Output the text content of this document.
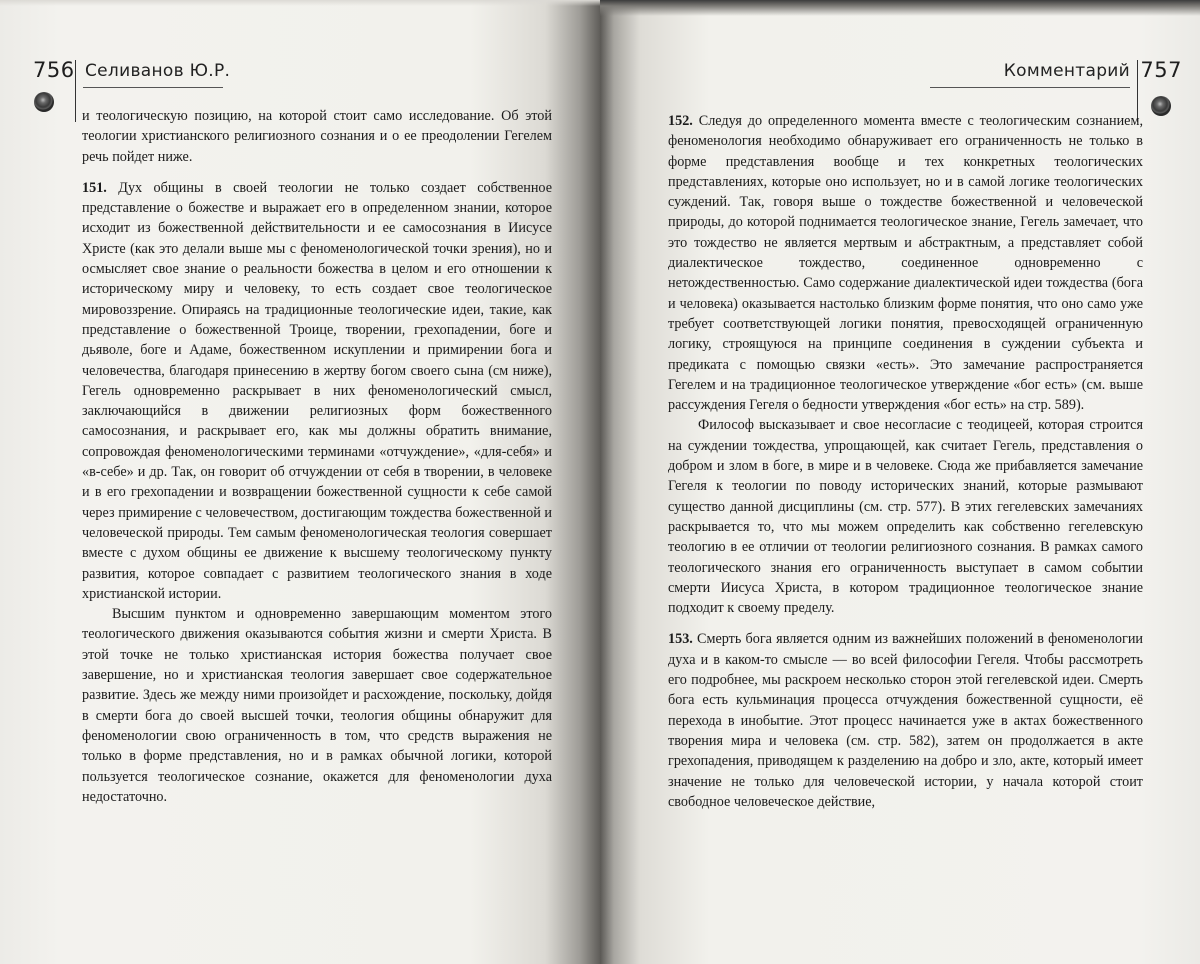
756 Селиванов Ю.Р.

и теологическую позицию, на которой стоит само исследование. Об этой теологии христианского религиозного сознания и о ее преодолении Гегелем речь пойдет ниже.

151. Дух общины в своей теологии не только создает собственное представление о божестве и выражает его в определенном знании, которое исходит из божественной действительности и ее самосознания в Иисусе Христе (как это делали выше мы с феноменологической точки зрения), но и осмысляет свое знание о реальности божества в целом и его отношении к историческому миру и человеку, то есть создает свое теологическое мировоззрение. Опираясь на традиционные теологические идеи, такие, как представление о божественной Троице, творении, грехопадении, боге и дьяволе, боге и Адаме, божественном искуплении и примирении бога и человечества, благодаря принесению в жертву богом своего сына (см ниже), Гегель одновременно раскрывает в них феноменологический смысл, заключающийся в движении религиозных форм божественного самосознания, и раскрывает его, как мы должны обратить внимание, сопровождая феноменологическими терминами «отчуждение», «для-себя» и «в-себе» и др. Так, он говорит об отчуждении от себя в творении, в человеке и в его грехопадении и возвращении божественной сущности к себе самой через примирение с человечеством, достигающим тождества божественной и человеческой природы. Тем самым феноменологическая теология совершает вместе с духом общины ее движение к высшему теологическому пункту развития, которое совпадает с развитием теологического знания в ходе христианской истории.

Высшим пунктом и одновременно завершающим моментом этого теологического движения оказываются события жизни и смерти Христа. В этой точке не только христианская история божества получает свое завершение, но и христианская теология завершает свое содержательное развитие. Здесь же между ними произойдет и расхождение, поскольку, дойдя в смерти бога до своей высшей точки, теология общины обнаружит для феноменологии свою ограниченность в том, что средств выражения не только в форме представления, но и в рамках обычной логики, которой пользуется теологическое сознание, окажется для феноменологии духа недостаточно.

Комментарий 757

152. Следуя до определенного момента вместе с теологическим сознанием, феноменология необходимо обнаруживает его ограниченность не только в форме представления вообще и тех конкретных теологических представлениях, которые оно использует, но и в самой логике теологических суждений. Так, говоря выше о тождестве божественной и человеческой природы, до которой поднимается теологическое знание, Гегель замечает, что это тождество не является мертвым и абстрактным, а представляет собой диалектическое тождество, соединенное одновременно с нетождественностью. Само содержание диалектической идеи тождества (бога и человека) оказывается настолько близким форме понятия, что оно само уже требует соответствующей логики понятия, превосходящей ограниченную логику, строящуюся на принципе соединения в суждении субъекта и предиката с помощью связки «есть». Это замечание распространяется Гегелем и на традиционное теологическое утверждение «бог есть» (см. выше рассуждения Гегеля о бедности утверждения «бог есть» на стр. 589).

Философ высказывает и свое несогласие с теодицеей, которая строится на суждении тождества, упрощающей, как считает Гегель, представления о добром и злом в боге, в мире и в человеке. Сюда же прибавляется замечание Гегеля к теологии по поводу исторических знаний, которые размывают существо данной дисциплины (см. стр. 577). В этих гегелевских замечаниях раскрывается то, что мы можем определить как собственно гегелевскую теологию в ее отличии от теологии религиозного сознания. В рамках самого теологического знания его ограниченность выступает в самом событии смерти Иисуса Христа, в котором традиционное теологическое знание подходит к своему пределу.

153. Смерть бога является одним из важнейших положений в феноменологии духа и в каком-то смысле — во всей философии Гегеля. Чтобы рассмотреть его подробнее, мы раскроем несколько сторон этой гегелевской идеи. Смерть бога есть кульминация процесса отчуждения божественной сущности, её перехода в инобытие. Этот процесс начинается уже в актах божественного творения мира и человека (см. стр. 582), затем он продолжается в акте грехопадения, приводящем к разделению на добро и зло, акте, который имеет значение не только для человеческой истории, у начала которой стоит свободное человеческое действие,
